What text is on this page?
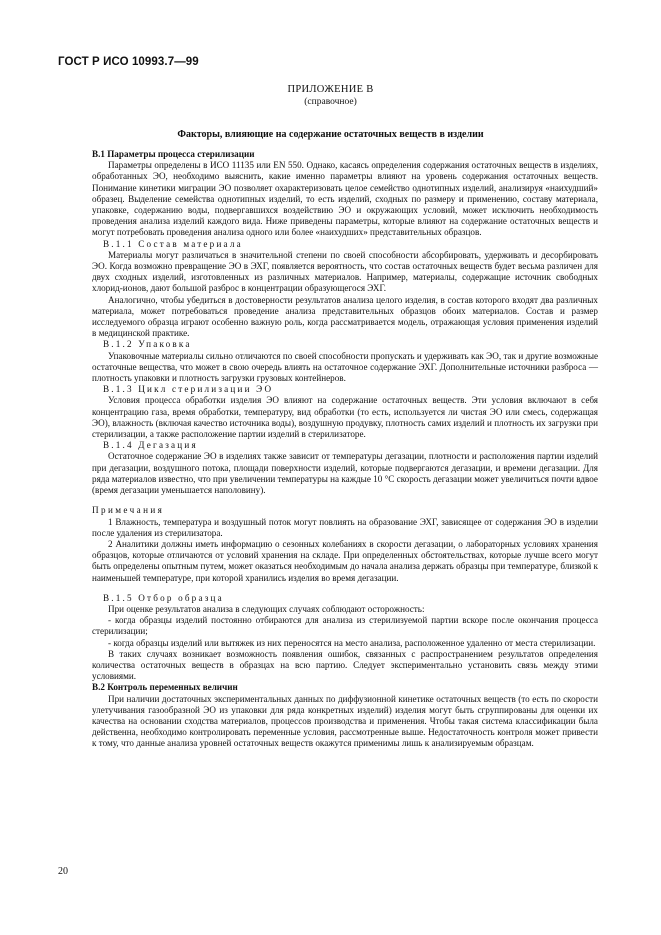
ГОСТ Р ИСО 10993.7—99
ПРИЛОЖЕНИЕ В
(справочное)
Факторы, влияющие на содержание остаточных веществ в изделии

В.1 Параметры процесса стерилизации

Параметры определены в ИСО 11135 или EN 550. Однако, касаясь определения содержания остаточных веществ в изделиях, обработанных ЭО, необходимо выяснить, какие именно параметры влияют на уровень содержания остаточных веществ. Понимание кинетики миграции ЭО позволяет охарактеризовать целое семейство однотипных изделий, анализируя «наихудший» образец. Выделение семейства однотипных изделий, то есть изделий, сходных по размеру и применению, составу материала, упаковке, содержанию воды, подвергавшихся воздействию ЭО и окружающих условий, может исключить необходимость проведения анализа изделий каждого вида. Ниже приведены параметры, которые влияют на содержание остаточных веществ и могут потребовать проведения анализа одного или более «наихудших» представительных образцов.

В.1.1 Состав материала

Материалы могут различаться в значительной степени по своей способности абсорбировать, удерживать и десорбировать ЭО. Когда возможно превращение ЭО в ЭХГ, появляется вероятность, что состав остаточных веществ будет весьма различен для двух сходных изделий, изготовленных из различных материалов. Например, материалы, содержащие источник свободных хлорид-ионов, дают большой разброс в концентрации образующегося ЭХГ.

Аналогично, чтобы убедиться в достоверности результатов анализа целого изделия, в состав которого входят два различных материала, может потребоваться проведение анализа представительных образцов обоих материалов. Состав и размер исследуемого образца играют особенно важную роль, когда рассматривается модель, отражающая условия применения изделий в медицинской практике.

В.1.2 Упаковка

Упаковочные материалы сильно отличаются по своей способности пропускать и удерживать как ЭО, так и другие возможные остаточные вещества, что может в свою очередь влиять на остаточное содержание ЭХГ. Дополнительные источники разброса — плотность упаковки и плотность загрузки грузовых контейнеров.

В.1.3 Цикл стерилизации ЭО

Условия процесса обработки изделия ЭО влияют на содержание остаточных веществ. Эти условия включают в себя концентрацию газа, время обработки, температуру, вид обработки (то есть, используется ли чистая ЭО или смесь, содержащая ЭО), влажность (включая качество источника воды), воздушную продувку, плотность самих изделий и плотность их загрузки при стерилизации, а также расположение партии изделий в стерилизаторе.

В.1.4 Дегазация

Остаточное содержание ЭО в изделиях также зависит от температуры дегазации, плотности и расположения партии изделий при дегазации, воздушного потока, площади поверхности изделий, которые подвергаются дегазации, и времени дегазации. Для ряда материалов известно, что при увеличении температуры на каждые 10 °С скорость дегазации может увеличиться почти вдвое (время дегазации уменьшается наполовину).

Примечания

1 Влажность, температура и воздушный поток могут повлиять на образование ЭХГ, зависящее от содержания ЭО в изделии после удаления из стерилизатора.

2 Аналитики должны иметь информацию о сезонных колебаниях в скорости дегазации, о лабораторных условиях хранения образцов, которые отличаются от условий хранения на складе. При определенных обстоятельствах, которые лучше всего могут быть определены опытным путем, может оказаться необходимым до начала анализа держать образцы при температуре, близкой к наименьшей температуре, при которой хранились изделия во время дегазации.

В.1.5 Отбор образца

При оценке результатов анализа в следующих случаях соблюдают осторожность:

- когда образцы изделий постоянно отбираются для анализа из стерилизуемой партии вскоре после окончания процесса стерилизации;

- когда образцы изделий или вытяжек из них переносятся на место анализа, расположенное удаленно от места стерилизации.

В таких случаях возникает возможность появления ошибок, связанных с распространением результатов определения количества остаточных веществ в образцах на всю партию. Следует экспериментально установить связь между этими условиями.

В.2 Контроль переменных величин

При наличии достаточных экспериментальных данных по диффузионной кинетике остаточных веществ (то есть по скорости улетучивания газообразной ЭО из упаковки для ряда конкретных изделий) изделия могут быть сгруппированы для оценки их качества на основании сходства материалов, процессов производства и применения. Чтобы такая система классификации была действенна, необходимо контролировать переменные условия, рассмотренные выше. Недостаточность контроля может привести к тому, что данные анализа уровней остаточных веществ окажутся применимы лишь к анализируемым образцам.

20
